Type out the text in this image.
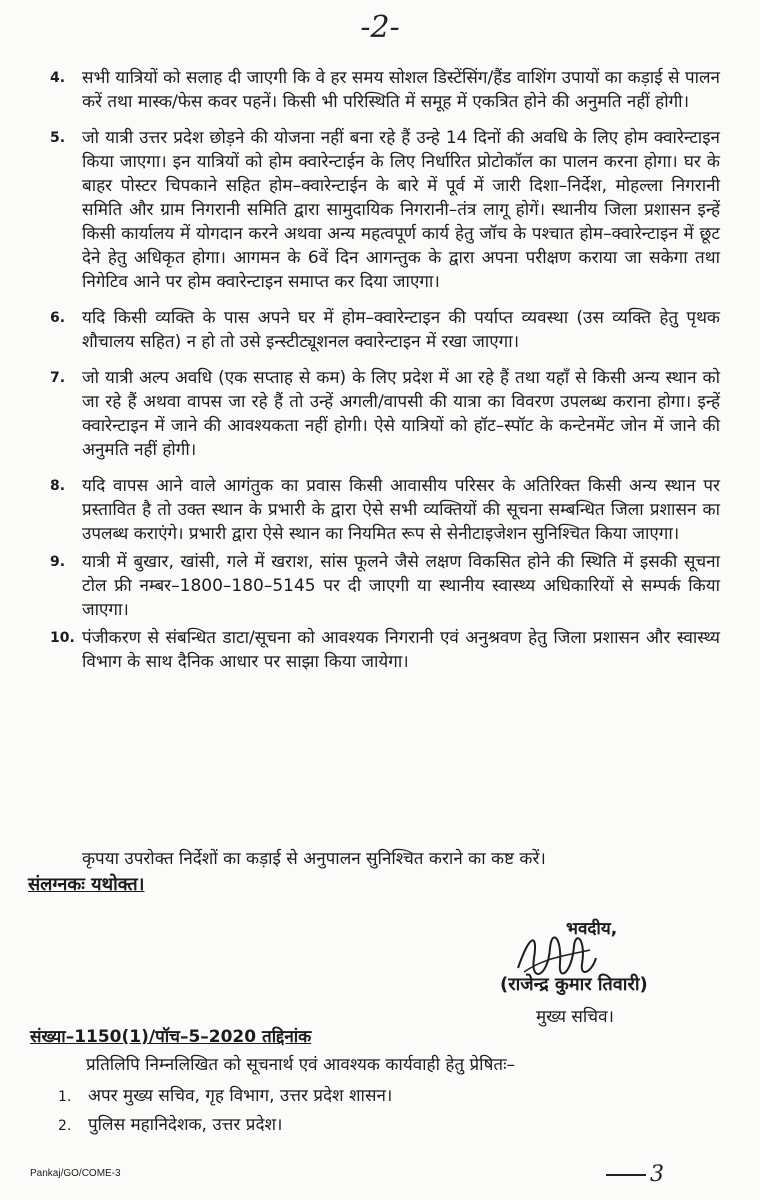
-2-
4. सभी यात्रियों को सलाह दी जाएगी कि वे हर समय सोशल डिस्टेंसिंग/हैंड वाशिंग उपायों का कड़ाई से पालन करें तथा मास्क/फेस कवर पहनें। किसी भी परिस्थिति में समूह में एकत्रित होने की अनुमति नहीं होगी।
5. जो यात्री उत्तर प्रदेश छोड़ने की योजना नहीं बना रहे हैं उन्हे 14 दिनों की अवधि के लिए होम क्वारेन्टाइन किया जाएगा। इन यात्रियों को होम क्वारेन्टाईन के लिए निर्धारित प्रोटोकॉल का पालन करना होगा। घर के बाहर पोस्टर चिपकाने सहित होम–क्वारेन्टाईन के बारे में पूर्व में जारी दिशा–निर्देश, मोहल्ला निगरानी समिति और ग्राम निगरानी समिति द्वारा सामुदायिक निगरानी–तंत्र लागू होगें। स्थानीय जिला प्रशासन इन्हें किसी कार्यालय में योगदान करने अथवा अन्य महत्वपूर्ण कार्य हेतु जॉच के पश्चात होम–क्वारेन्टाइन में छूट देने हेतु अधिकृत होगा। आगमन के 6वें दिन आगन्तुक के द्वारा अपना परीक्षण कराया जा सकेगा तथा निगेटिव आने पर होम क्वारेन्टाइन समाप्त कर दिया जाएगा।
6. यदि किसी व्यक्ति के पास अपने घर में होम–क्वारेन्टाइन की पर्याप्त व्यवस्था (उस व्यक्ति हेतु पृथक शौचालय सहित) न हो तो उसे इन्स्टीट्यूशनल क्वारेन्टाइन में रखा जाएगा।
7. जो यात्री अल्प अवधि (एक सप्ताह से कम) के लिए प्रदेश में आ रहे हैं तथा यहाँ से किसी अन्य स्थान को जा रहे हैं अथवा वापस जा रहे हैं तो उन्हें अगली/वापसी की यात्रा का विवरण उपलब्ध कराना होगा। इन्हें क्वारेन्टाइन में जाने की आवश्यकता नहीं होगी। ऐसे यात्रियों को हॉट–स्पॉट के कन्टेनमेंट जोन में जाने की अनुमति नहीं होगी।
8. यदि वापस आने वाले आगंतुक का प्रवास किसी आवासीय परिसर के अतिरिक्त किसी अन्य स्थान पर प्रस्तावित है तो उक्त स्थान के प्रभारी के द्वारा ऐसे सभी व्यक्तियों की सूचना सम्बन्धित जिला प्रशासन का उपलब्ध कराएंगे। प्रभारी द्वारा ऐसे स्थान का नियमित रूप से सेनीटाइजेशन सुनिश्चित किया जाएगा।
9. यात्री में बुखार, खांसी, गले में खराश, सांस फूलने जैसे लक्षण विकसित होने की स्थिति में इसकी सूचना टोल फ्री नम्बर–1800–180–5145 पर दी जाएगी या स्थानीय स्वास्थ्य अधिकारियों से सम्पर्क किया जाएगा।
10. पंजीकरण से संबन्धित डाटा/सूचना को आवश्यक निगरानी एवं अनुश्रवण हेतु जिला प्रशासन और स्वास्थ्य विभाग के साथ दैनिक आधार पर साझा किया जायेगा।
कृपया उपरोक्त निर्देशों का कड़ाई से अनुपालन सुनिश्चित कराने का कष्ट करें।
संलग्नकः यथोक्त।
भवदीय,
(राजेन्द्र कुमार तिवारी)
मुख्य सचिव।
संख्या–1150(1)/पॉच–5–2020 तद्दिनांक
प्रतिलिपि निम्नलिखित को सूचनार्थ एवं आवश्यक कार्यवाही हेतु प्रेषितः–
1. अपर मुख्य सचिव, गृह विभाग, उत्तर प्रदेश शासन।
2. पुलिस महानिदेशक, उत्तर प्रदेश।
Pankaj/GO/COME-3	3
